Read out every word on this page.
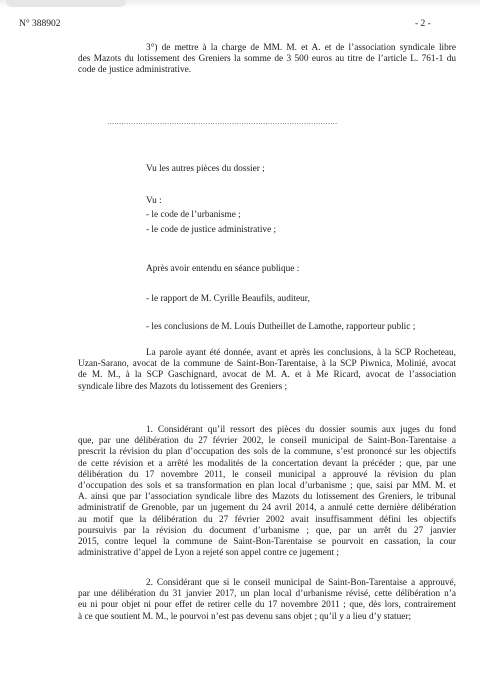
N° 388902	- 2 -
3°) de mettre à la charge de MM. M. et A. et de l’association syndicale libre
des Mazots du lotissement des Greniers la somme de 3 500 euros au titre de l’article L. 761-1 du
code de justice administrative.
……………………………………………………………………………………
Vu les autres pièces du dossier ;
Vu :
- le code de l’urbanisme ;
- le code de justice administrative ;
Après avoir entendu en séance publique :
- le rapport de M. Cyrille Beaufils, auditeur,
- les conclusions de M. Louis Dutheillet de Lamothe, rapporteur public ;
La parole ayant été donnée, avant et après les conclusions, à la SCP Rocheteau,
Uzan-Sarano, avocat de la commune de Saint-Bon-Tarentaise, à la SCP Piwnica, Molinié, avocat
de M. M., à la SCP Gaschignard, avocat de M. A. et à Me Ricard, avocat de l’association
syndicale libre des Mazots du lotissement des Greniers ;
1. Considérant qu’il ressort des pièces du dossier soumis aux juges du fond
que, par une délibération du 27 février 2002, le conseil municipal de Saint-Bon-Tarentaise a
prescrit la révision du plan d’occupation des sols de la commune, s’est prononcé sur les objectifs
de cette révision et a arrêté les modalités de la concertation devant la précéder ; que, par une
délibération du 17 novembre 2011, le conseil municipal a approuvé la révision du plan
d’occupation des sols et sa transformation en plan local d’urbanisme ; que, saisi par MM. M. et
A. ainsi que par l’association syndicale libre des Mazots du lotissement des Greniers, le tribunal
administratif de Grenoble, par un jugement du 24 avril 2014, a annulé cette dernière délibération
au motif que la délibération du 27 février 2002 avait insuffisamment défini les objectifs
poursuivis par la révision du document d’urbanisme ; que, par un arrêt du 27 janvier
2015, contre lequel la commune de Saint-Bon-Tarentaise se pourvoit en cassation, la cour
administrative d’appel de Lyon a rejeté son appel contre ce jugement ;
2. Considérant que si le conseil municipal de Saint-Bon-Tarentaise a approuvé,
par une délibération du 31 janvier 2017, un plan local d’urbanisme révisé, cette délibération n’a
eu ni pour objet ni pour effet de retirer celle du 17 novembre 2011 ; que, dès lors, contrairement
à ce que soutient M. M., le pourvoi n’est pas devenu sans objet ; qu’il y a lieu d’y statuer;
